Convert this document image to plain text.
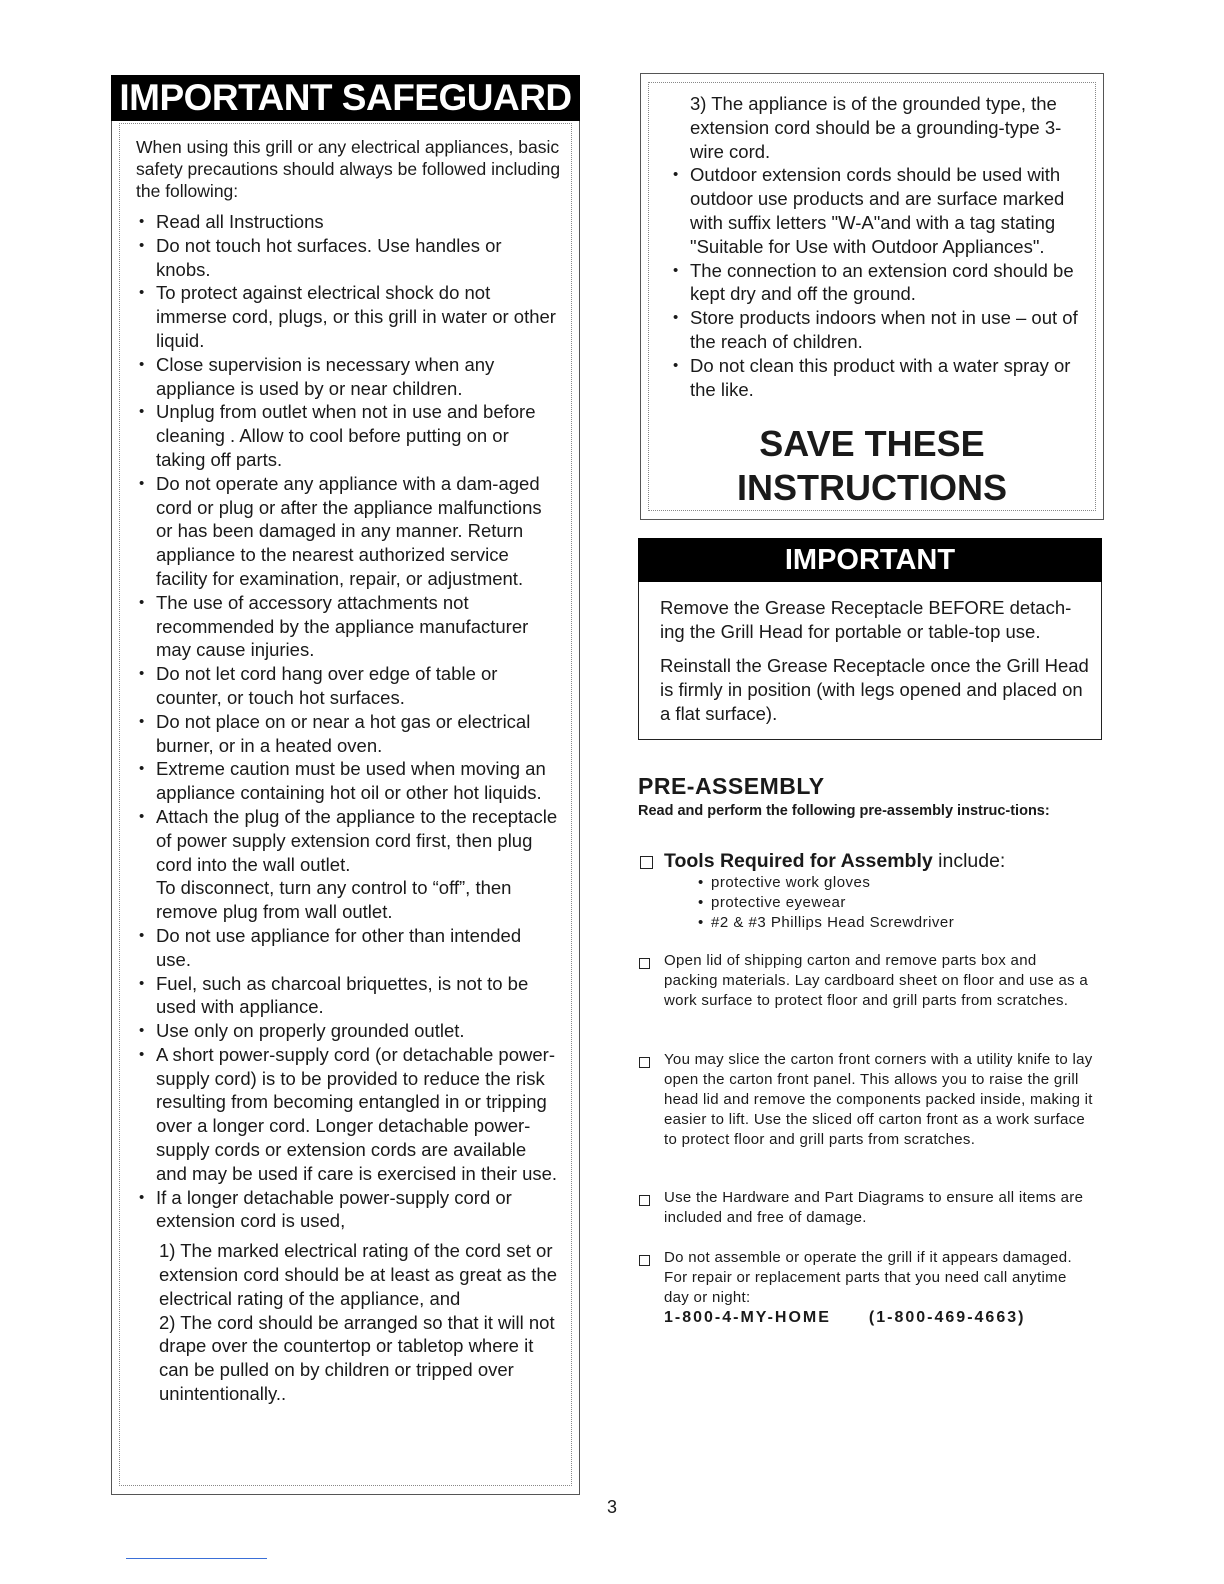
IMPORTANT SAFEGUARD
When using this grill or any electrical appliances, basic safety precautions should always be followed including the following:
• Read all Instructions
• Do not touch hot surfaces. Use handles or knobs.
• To protect against electrical shock do not immerse cord, plugs, or this grill in water or other liquid.
• Close supervision is necessary when any appliance is used by or near children.
• Unplug from outlet when not in use and before cleaning . Allow to cool before putting on or taking off parts.
• Do not operate any appliance with a dam-aged cord or plug or after the appliance malfunctions or has been damaged in any manner. Return appliance to the nearest authorized service facility for examination, repair, or adjustment.
• The use of accessory attachments not recommended by the appliance manufacturer may cause injuries.
• Do not let cord hang over edge of table or counter, or touch hot surfaces.
• Do not place on or near a hot gas or electrical burner, or in a heated oven.
• Extreme caution must be used when moving an appliance containing hot oil or other hot liquids.
• Attach the plug of the appliance to the receptacle of power supply extension cord first, then plug cord into the wall outlet.
To disconnect, turn any control to “off”, then remove plug from wall outlet.
• Do not use appliance for other than intended use.
• Fuel, such as charcoal briquettes, is not to be used with appliance.
• Use only on properly grounded outlet.
• A short power-supply cord (or detachable power-supply cord) is to be provided to reduce the risk resulting from becoming entangled in or tripping over a longer cord. Longer detachable power-supply cords or extension cords are available and may be used if care is exercised in their use.
• If a longer detachable power-supply cord or extension cord is used,
1) The marked electrical rating of the cord set or extension cord should be at least as great as the electrical rating of the appliance, and
2) The cord should be arranged so that it will not drape over the countertop or tabletop where it can be pulled on by children or tripped over unintentionally..
3) The appliance is of the grounded type, the extension cord should be a grounding-type 3-wire cord.
• Outdoor extension cords should be used with outdoor use products and are surface marked with suffix letters "W-A"and with a tag stating "Suitable for Use with Outdoor Appliances".
• The connection to an extension cord should be kept dry and off the ground.
• Store products indoors when not in use – out of the reach of children.
• Do not clean this product with a water spray or the like.
SAVE THESE
INSTRUCTIONS
IMPORTANT

Remove the Grease Receptacle BEFORE detach-ing the Grill Head for portable or table-top use.

Reinstall the Grease Receptacle once the Grill Head is firmly in position (with legs opened and placed on a flat surface).

PRE-ASSEMBLY
Read and perform the following pre-assembly instruc-tions:
Tools Required for Assembly include:
• protective work gloves
• protective eyewear
• #2 & #3 Phillips Head Screwdriver
Open lid of shipping carton and remove parts box and packing materials. Lay cardboard sheet on floor and use as a work surface to protect floor and grill parts from scratches.
You may slice the carton front corners with a utility knife to lay open the carton front panel. This allows you to raise the grill head lid and remove the components packed inside, making it easier to lift. Use the sliced off carton front as a work surface to protect floor and grill parts from scratches.
Use the Hardware and Part Diagrams to ensure all items are included and free of damage.
Do not assemble or operate the grill if it appears damaged. For repair or replacement parts that you need call anytime day or night:
1-800-4-MY-HOME (1-800-469-4663)
3
